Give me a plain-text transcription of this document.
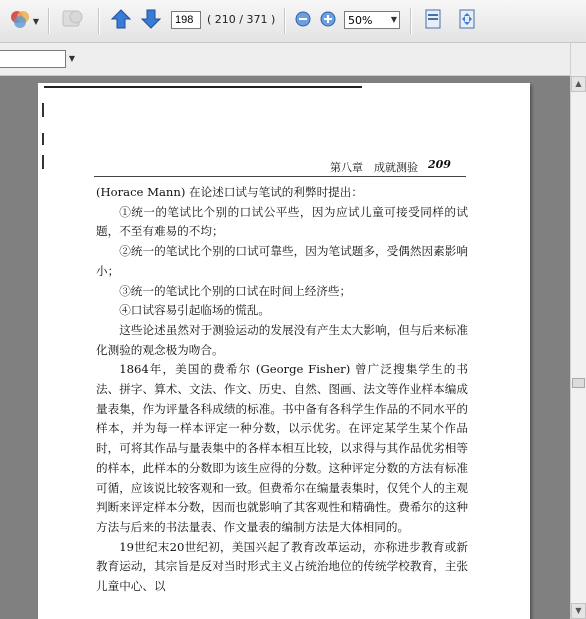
▼
198	( 210 / 371 )	50%	▼
▼
第八章　成就测验 209

(Horace Mann) 在论述口试与笔试的利弊时提出：

①统一的笔试比个别的口试公平些，因为应试儿童可接受同样的试题，不至有难易的不均；

②统一的笔试比个别的口试可靠些，因为笔试题多，受偶然因素影响小；

③统一的笔试比个别的口试在时间上经济些；

④口试容易引起临场的慌乱。

这些论述虽然对于测验运动的发展没有产生太大影响，但与后来标准化测验的观念极为吻合。

1864年，美国的费希尔 (George Fisher) 曾广泛搜集学生的书法、拼字、算术、文法、作文、历史、自然、图画、法文等作业样本编成量表集，作为评量各科成绩的标准。书中备有各科学生作品的不同水平的样本，并为每一样本评定一种分数，以示优劣。在评定某学生某个作品时，可将其作品与量表集中的各样本相互比较，以求得与其作品优劣相等的样本，此样本的分数即为该生应得的分数。这种评定分数的方法有标准可循，应该说比较客观和一致。但费希尔在编量表集时，仅凭个人的主观判断来评定样本分数，因而也就影响了其客观性和精确性。费希尔的这种方法与后来的书法量表、作文量表的编制方法是大体相同的。

19世纪末20世纪初，美国兴起了教育改革运动，亦称进步教育或新教育运动，其宗旨是反对当时形式主义占统治地位的传统学校教育，主张儿童中心、以

▲
▼
